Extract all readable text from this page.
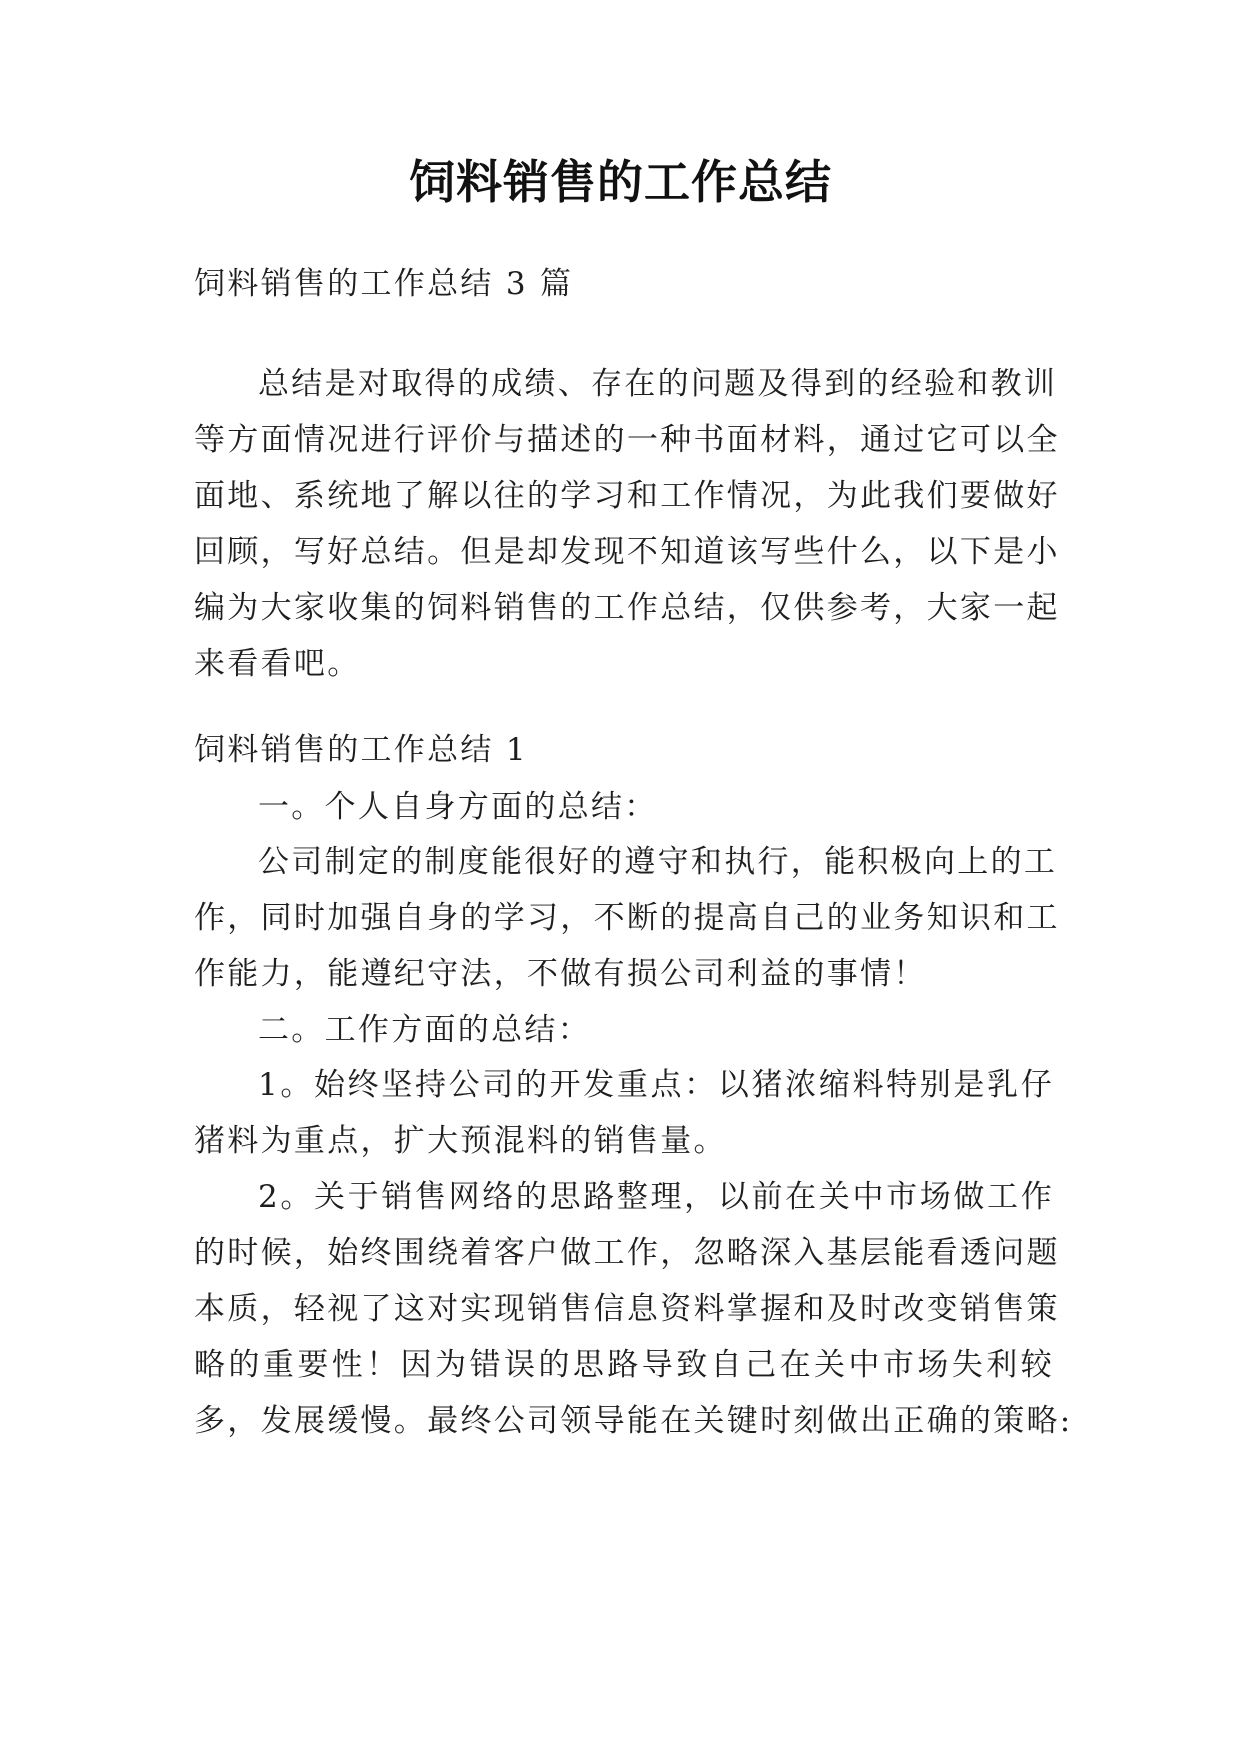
饲料销售的工作总结
饲料销售的工作总结 3 篇
总结是对取得的成绩、存在的问题及得到的经验和教训
等方面情况进行评价与描述的一种书面材料，通过它可以全
面地、系统地了解以往的学习和工作情况，为此我们要做好
回顾，写好总结。但是却发现不知道该写些什么，以下是小
编为大家收集的饲料销售的工作总结，仅供参考，大家一起
来看看吧。
饲料销售的工作总结 1
一。个人自身方面的总结：
公司制定的制度能很好的遵守和执行，能积极向上的工
作，同时加强自身的学习，不断的提高自己的业务知识和工
作能力，能遵纪守法，不做有损公司利益的事情！
二。工作方面的总结：
1。始终坚持公司的开发重点：以猪浓缩料特别是乳仔
猪料为重点，扩大预混料的销售量。
2。关于销售网络的思路整理，以前在关中市场做工作
的时候，始终围绕着客户做工作，忽略深入基层能看透问题
本质，轻视了这对实现销售信息资料掌握和及时改变销售策
略的重要性！因为错误的思路导致自己在关中市场失利较
多，发展缓慢。最终公司领导能在关键时刻做出正确的策略:
